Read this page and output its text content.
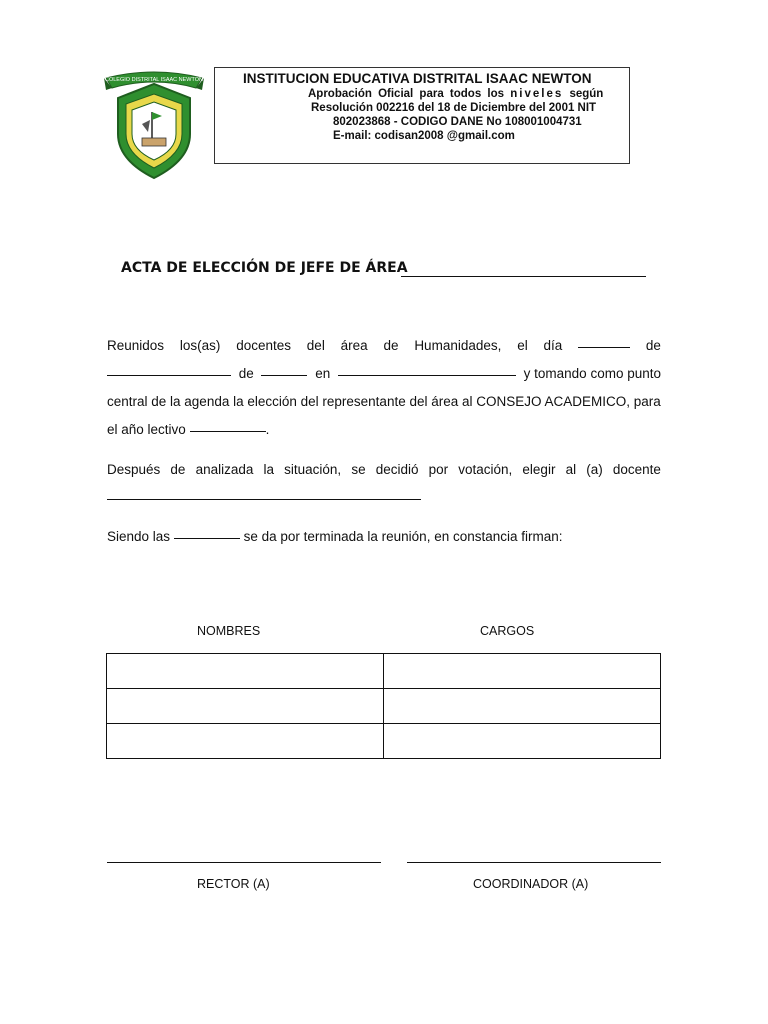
COLEGIO DISTRITAL ISAAC NEWTON	INSTITUCION EDUCATIVA DISTRITAL ISAAC NEWTON
Aprobación Oficial para todos los niveles según
Resolución 002216 del 18 de Diciembre del 2001 NIT
802023868 - CODIGO DANE No 108001004731
E-mail: codisan2008 @gmail.com
ACTA DE ELECCIÓN DE JEFE DE ÁREA
Reunidos los(as) docentes del área de Humanidades, el día	de
de	en	y tomando como punto
central de la agenda la elección del representante del área al CONSEJO ACADEMICO, para
el año lectivo
	.
Después de analizada la situación, se decidió por votación, elegir al (a) docente
Siendo las

	se da por terminada la reunión, en constancia firman:
NOMBRES	CARGOS

RECTOR (A)	COORDINADOR (A)
